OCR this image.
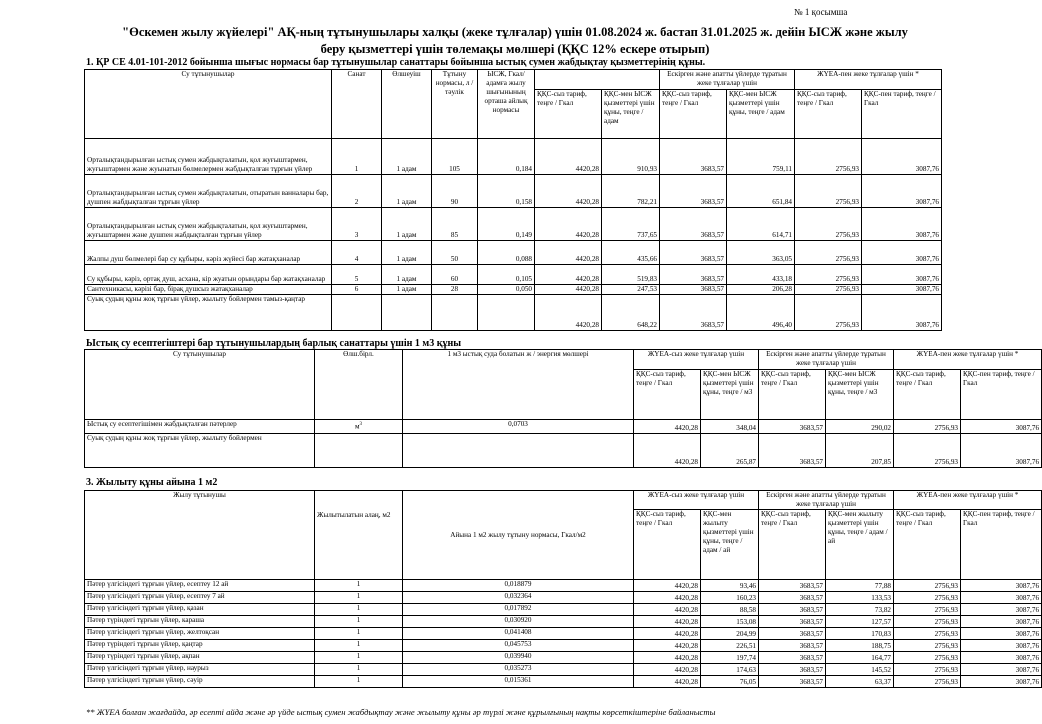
№ 1 қосымша
"Өскемен жылу жүйелері" АҚ-ның тұтынушылары халқы (жеке тұлғалар) үшін 01.08.2024 ж. бастап 31.01.2025 ж. дейін ЫСЖ және жылу
беру қызметтері үшін төлемақы мөлшері (ҚҚС 12% ескере отырып)
1. ҚР СЕ 4.01-101-2012 бойынша шығыс нормасы бар тұтынушылар санаттары бойынша ыстық сумен жабдықтау қызметтерінің құны.
Су тұтынушылар	Санат	Өлшеуіш	Тұтыну нормасы, л / тәулік	ЫСЖ, Гкал/адамға жылу шығынының орташа айлық нормасы			Ескірген және апатты үйлерде тұратын жеке тұлғалар үшін		ЖҮЕА-пен жеке тұлғалар үшін *	
					ҚҚС-сыз тариф, теңге / Гкал	ҚҚС-мен ЫСЖ қызметтері үшін құны, теңге / адам	ҚҚС-сыз тариф, теңге / Гкал	ҚҚС-мен ЫСЖ қызметтері үшін құны, теңге / адам	ҚҚС-сыз тариф, теңге / Гкал	ҚҚС-пен тариф, теңге / Гкал
Орталықтандырылған ыстық сумен жабдықталатын, қол жуғыштармен, жуғыштармен және жуынатын бөлмелермен жабдықталған тұрғын үйлер	1	1 адам	105	0,184	4420,28	910,93	3683,57	759,11	2756,93	3087,76
Орталықтандырылған ыстық сумен жабдықталатын, отыратын ванналары бар, душпен жабдықталған тұрғын үйлер	2	1 адам	90	0,158	4420,28	782,21	3683,57	651,84	2756,93	3087,76
Орталықтандырылған ыстық сумен жабдықталатын, қол жуғыштармен, жуғыштармен және душпен жабдықталған тұрғын үйлер	3	1 адам	85	0,149	4420,28	737,65	3683,57	614,71	2756,93	3087,76
Жалпы душ бөлмелері бар су құбыры, кәріз жүйесі бар жатақханалар	4	1 адам	50	0,088	4420,28	435,66	3683,57	363,05	2756,93	3087,76
Су құбыры, кәріз, ортақ душ, асхана, кір жуатын орындары бар жатақханалар	5	1 адам	60	0,105	4420,28	519,83	3683,57	433,18	2756,93	3087,76
Сантехникасы, кәрізі бар, бірақ душсыз жатақханалар	6	1 адам	28	0,050	4420,28	247,53	3683,57	206,28	2756,93	3087,76
Суық судың құны жоқ тұрғын үйлер, жылыту бойлермен тамыз-қаңтар					4420,28	648,22	3683,57	496,40	2756,93	3087,76
Ыстық су есептегіштері бар тұтынушылардың барлық санаттары үшін 1 м3 құны
Су тұтынушылар	Өлш.бірл.	1 м3 ыстық суда болатын ж / энергия мөлшері	ЖҮЕА-сыз жеке тұлғалар үшін		Ескірген және апатты үйлерде тұратын жеке тұлғалар үшін		ЖҮЕА-пен жеке тұлғалар үшін *	
			ҚҚС-сыз тариф, теңге / Гкал	ҚҚС-мен ЫСЖ қызметтері үшін құны, теңге / м3	ҚҚС-сыз тариф, теңге / Гкал	ҚҚС-мен ЫСЖ қызметтері үшін құны, теңге / м3	ҚҚС-сыз тариф, теңге / Гкал	ҚҚС-пен тариф, теңге / Гкал
Ыстық су есептегішімен жабдықталған пәтерлер	$м^3$	0,0703	4420,28	348,04	3683,57	290,02	2756,93	3087,76
Суық судың құны жоқ тұрғын үйлер, жылыту бойлермен			4420,28	265,87	3683,57	207,85	2756,93	3087,76
3. Жылыту құны айына 1 м2
Жылу тұтынушы	Жылытылатын алаң, м2	Айына 1 м2 жылу тұтыну нормасы, Гкал/м2	ЖҮЕА-сыз жеке тұлғалар үшін		Ескірген және апатты үйлерде тұратын жеке тұлғалар үшін		ЖҮЕА-пен жеке тұлғалар үшін *	
			ҚҚС-сыз тариф, теңге / Гкал	ҚҚС-мен жылыту қызметтері үшін құны, теңге / адам / ай	ҚҚС-сыз тариф, теңге / Гкал	ҚҚС-мен жылыту қызметтері үшін құны, теңге / адам / ай	ҚҚС-сыз тариф, теңге / Гкал	ҚҚС-пен тариф, теңге / Гкал
Пәтер үлгісіндегі тұрғын үйлер, есептеу 12 ай	1	0,018879	4420,28	93,46	3683,57	77,88	2756,93	3087,76
Пәтер үлгісіндегі тұрғын үйлер, есептеу 7 ай	1	0,032364	4420,28	160,23	3683,57	133,53	2756,93	3087,76
Пәтер үлгісіндегі тұрғын үйлер, қазан	1	0,017892	4420,28	88,58	3683,57	73,82	2756,93	3087,76
Пәтер түріндегі тұрғын үйлер, караша	1	0,030920	4420,28	153,08	3683,57	127,57	2756,93	3087,76
Пәтер үлгісіндегі тұрғын үйлер, желтоқсан	1	0,041408	4420,28	204,99	3683,57	170,83	2756,93	3087,76
Пәтер түріндегі тұрғын үйлер, қаңтар	1	0,045753	4420,28	226,51	3683,57	188,75	2756,93	3087,76
Пәтер түріндегі тұрғын үйлер, ақпан	1	0,039940	4420,28	197,74	3683,57	164,77	2756,93	3087,76
Пәтер үлгісіндегі тұрғын үйлер, наурыз	1	0,035273	4420,28	174,63	3683,57	145,52	2756,93	3087,76
Пәтер үлгісіндегі тұрғын үйлер, сәуір	1	0,015361	4420,28	76,05	3683,57	63,37	2756,93	3087,76
** ЖҮЕА болған жағдайда, әр есепті айда және әр үйде ыстық сумен жабдықтау және жылыту құны әр түрлі және құрылғының нақты көрсеткіштеріне байланысты
